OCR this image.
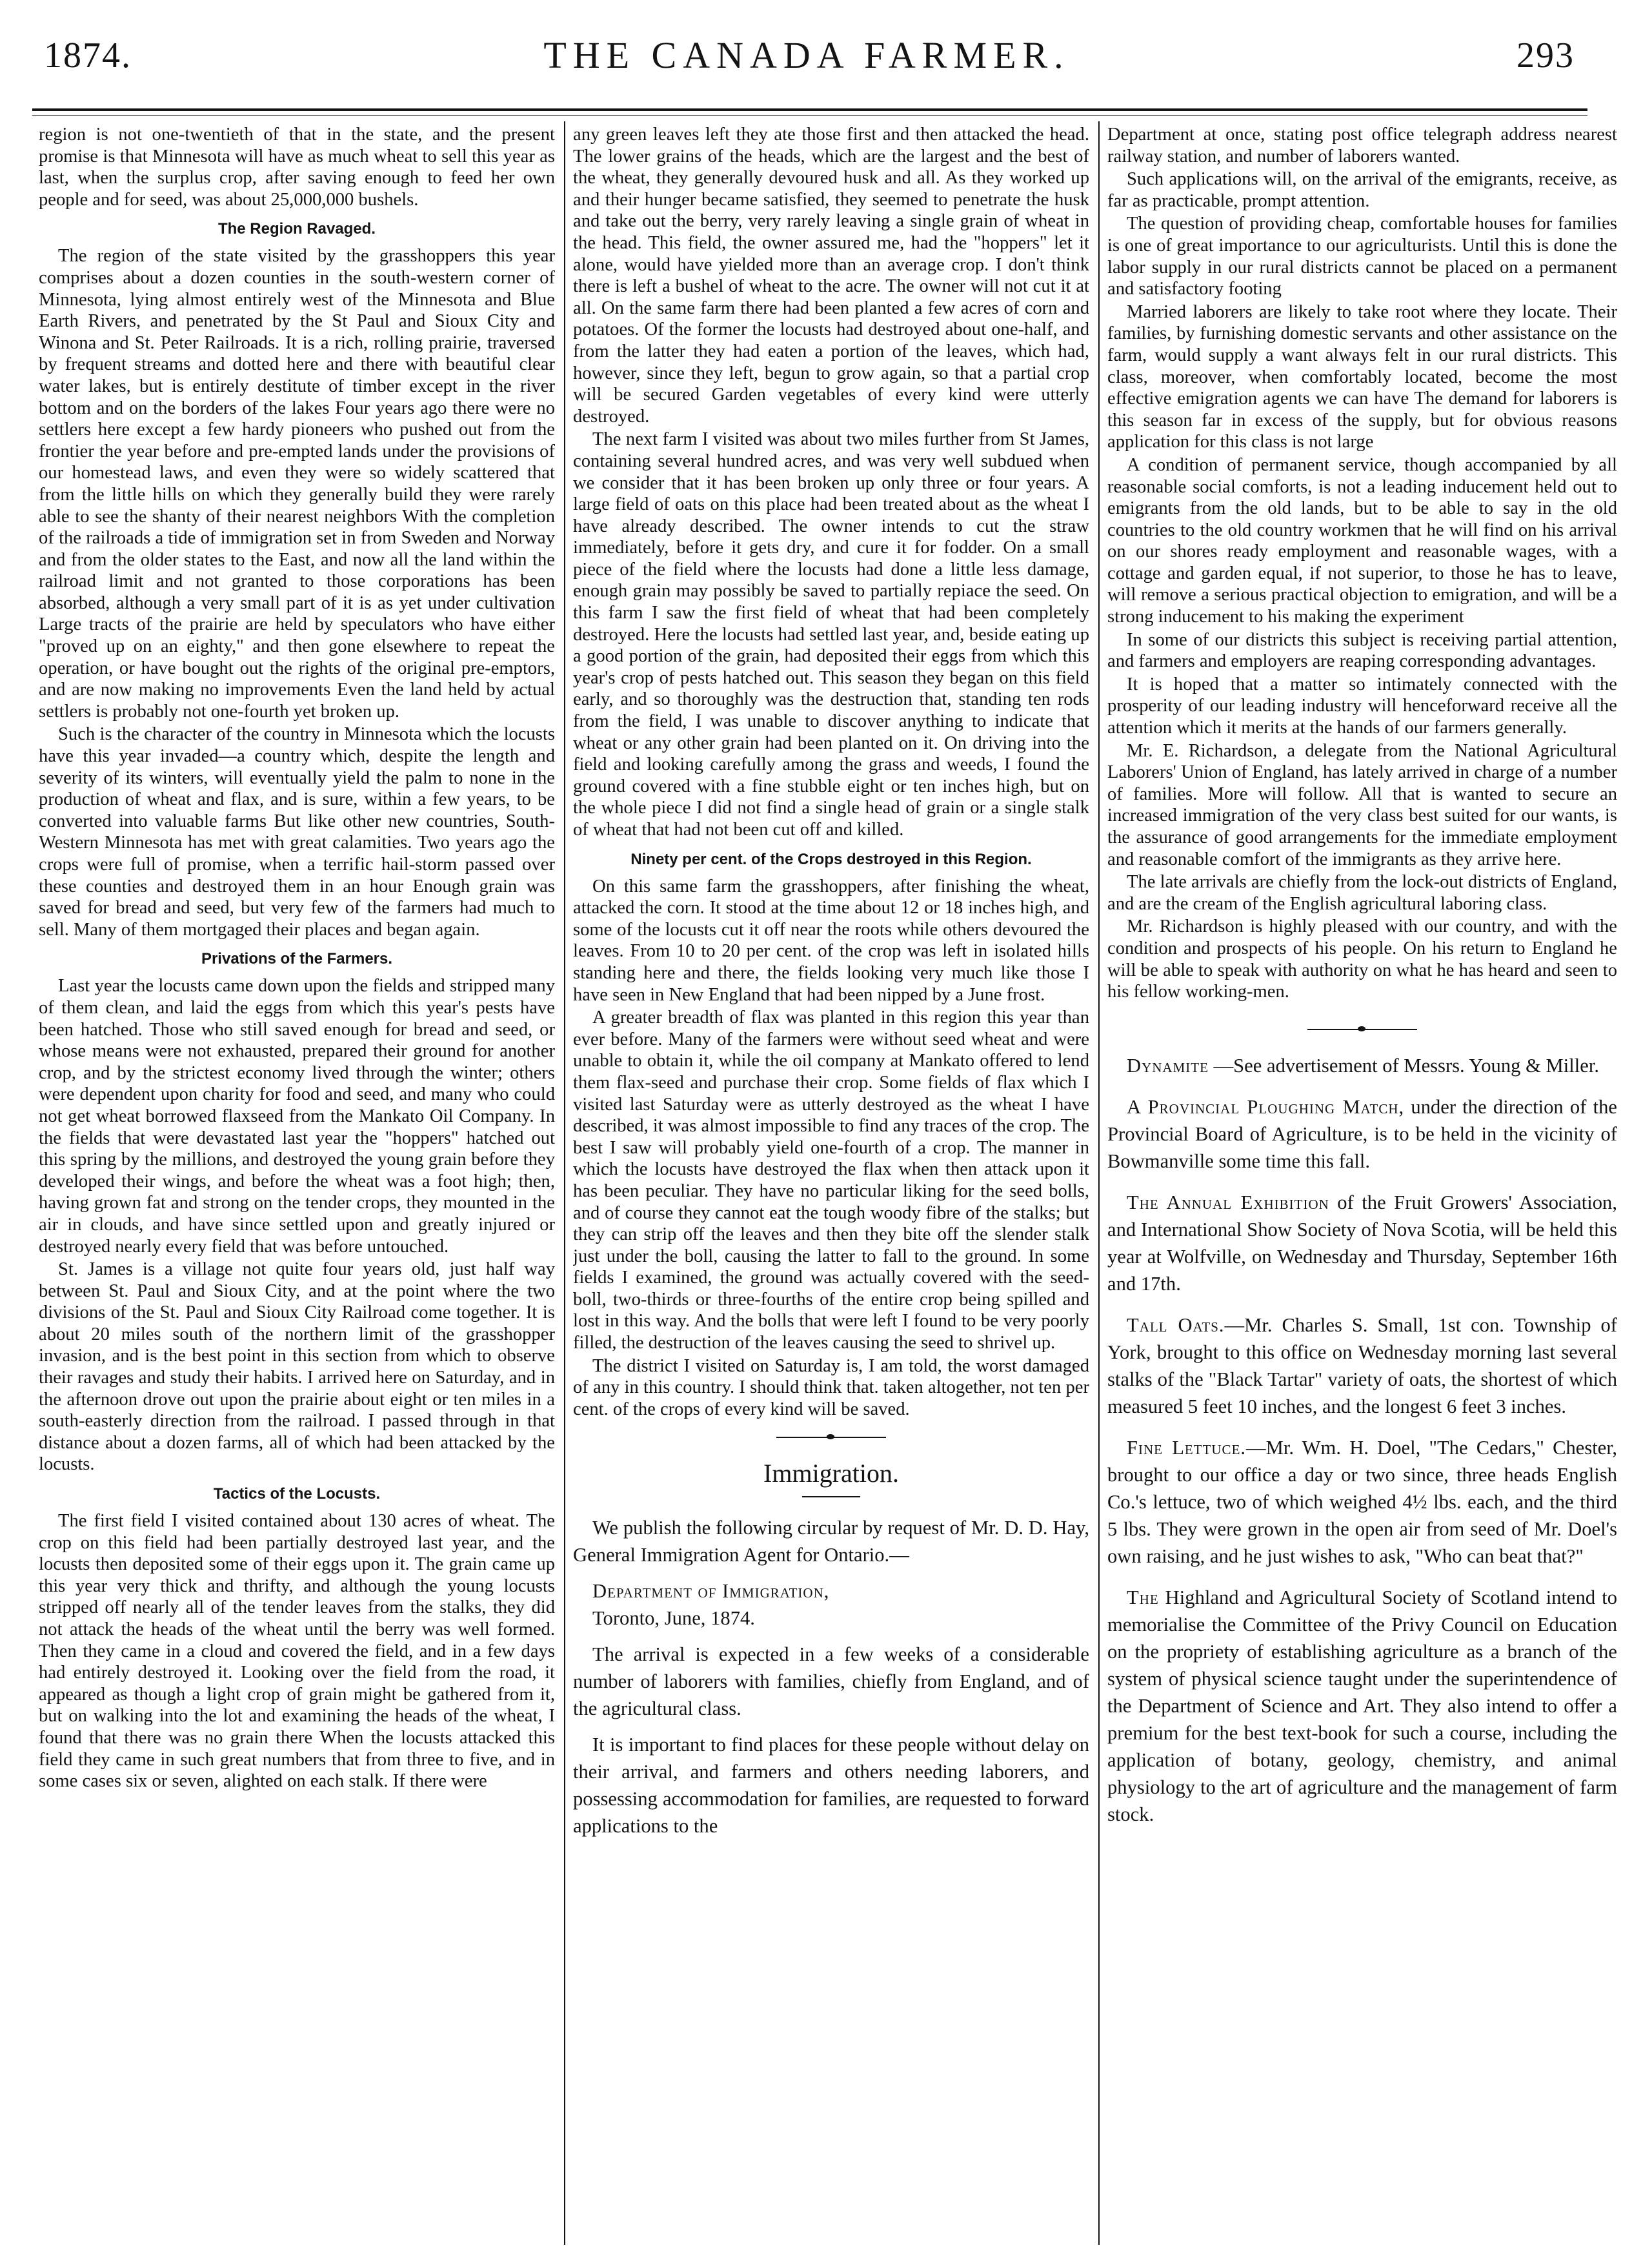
1874.	THE CANADA FARMER.	293

region is not one-twentieth of that in the state, and the present promise is that Minnesota will have as much wheat to sell this year as last, when the surplus crop, after saving enough to feed her own people and for seed, was about 25,000,000 bushels.

The Region Ravaged.

The region of the state visited by the grasshoppers this year comprises about a dozen counties in the south-western corner of Minnesota, lying almost entirely west of the Minnesota and Blue Earth Rivers, and penetrated by the St Paul and Sioux City and Winona and St. Peter Railroads. It is a rich, rolling prairie, traversed by frequent streams and dotted here and there with beautiful clear water lakes, but is entirely destitute of timber except in the river bottom and on the borders of the lakes Four years ago there were no settlers here except a few hardy pioneers who pushed out from the frontier the year before and pre-empted lands under the provisions of our homestead laws, and even they were so widely scattered that from the little hills on which they generally build they were rarely able to see the shanty of their nearest neighbors With the completion of the railroads a tide of immigration set in from Sweden and Norway and from the older states to the East, and now all the land within the railroad limit and not granted to those corporations has been absorbed, although a very small part of it is as yet under cultivation Large tracts of the prairie are held by speculators who have either "proved up on an eighty," and then gone elsewhere to repeat the operation, or have bought out the rights of the original pre-emptors, and are now making no improvements Even the land held by actual settlers is probably not one-fourth yet broken up.

Such is the character of the country in Minnesota which the locusts have this year invaded—a country which, despite the length and severity of its winters, will eventually yield the palm to none in the production of wheat and flax, and is sure, within a few years, to be converted into valuable farms But like other new countries, South-Western Minnesota has met with great calamities. Two years ago the crops were full of promise, when a terrific hail-storm passed over these counties and destroyed them in an hour Enough grain was saved for bread and seed, but very few of the farmers had much to sell. Many of them mortgaged their places and began again.

Privations of the Farmers.

Last year the locusts came down upon the fields and stripped many of them clean, and laid the eggs from which this year's pests have been hatched. Those who still saved enough for bread and seed, or whose means were not exhausted, prepared their ground for another crop, and by the strictest economy lived through the winter; others were dependent upon charity for food and seed, and many who could not get wheat borrowed flaxseed from the Mankato Oil Company. In the fields that were devastated last year the "hoppers" hatched out this spring by the millions, and destroyed the young grain before they developed their wings, and before the wheat was a foot high; then, having grown fat and strong on the tender crops, they mounted in the air in clouds, and have since settled upon and greatly injured or destroyed nearly every field that was before untouched.

St. James is a village not quite four years old, just half way between St. Paul and Sioux City, and at the point where the two divisions of the St. Paul and Sioux City Railroad come together. It is about 20 miles south of the northern limit of the grasshopper invasion, and is the best point in this section from which to observe their ravages and study their habits. I arrived here on Saturday, and in the afternoon drove out upon the prairie about eight or ten miles in a south-easterly direction from the railroad. I passed through in that distance about a dozen farms, all of which had been attacked by the locusts.

Tactics of the Locusts.

The first field I visited contained about 130 acres of wheat. The crop on this field had been partially destroyed last year, and the locusts then deposited some of their eggs upon it. The grain came up this year very thick and thrifty, and although the young locusts stripped off nearly all of the tender leaves from the stalks, they did not attack the heads of the wheat until the berry was well formed. Then they came in a cloud and covered the field, and in a few days had entirely destroyed it. Looking over the field from the road, it appeared as though a light crop of grain might be gathered from it, but on walking into the lot and examining the heads of the wheat, I found that there was no grain there When the locusts attacked this field they came in such great numbers that from three to five, and in some cases six or seven, alighted on each stalk. If there were

any green leaves left they ate those first and then attacked the head. The lower grains of the heads, which are the largest and the best of the wheat, they generally devoured husk and all. As they worked up and their hunger became satisfied, they seemed to penetrate the husk and take out the berry, very rarely leaving a single grain of wheat in the head. This field, the owner assured me, had the "hoppers" let it alone, would have yielded more than an average crop. I don't think there is left a bushel of wheat to the acre. The owner will not cut it at all. On the same farm there had been planted a few acres of corn and potatoes. Of the former the locusts had destroyed about one-half, and from the latter they had eaten a portion of the leaves, which had, however, since they left, begun to grow again, so that a partial crop will be secured Garden vegetables of every kind were utterly destroyed.

The next farm I visited was about two miles further from St James, containing several hundred acres, and was very well subdued when we consider that it has been broken up only three or four years. A large field of oats on this place had been treated about as the wheat I have already described. The owner intends to cut the straw immediately, before it gets dry, and cure it for fodder. On a small piece of the field where the locusts had done a little less damage, enough grain may possibly be saved to partially repiace the seed. On this farm I saw the first field of wheat that had been completely destroyed. Here the locusts had settled last year, and, beside eating up a good portion of the grain, had deposited their eggs from which this year's crop of pests hatched out. This season they began on this field early, and so thoroughly was the destruction that, standing ten rods from the field, I was unable to discover anything to indicate that wheat or any other grain had been planted on it. On driving into the field and looking carefully among the grass and weeds, I found the ground covered with a fine stubble eight or ten inches high, but on the whole piece I did not find a single head of grain or a single stalk of wheat that had not been cut off and killed.

Ninety per cent. of the Crops destroyed in this Region.

On this same farm the grasshoppers, after finishing the wheat, attacked the corn. It stood at the time about 12 or 18 inches high, and some of the locusts cut it off near the roots while others devoured the leaves. From 10 to 20 per cent. of the crop was left in isolated hills standing here and there, the fields looking very much like those I have seen in New England that had been nipped by a June frost.

A greater breadth of flax was planted in this region this year than ever before. Many of the farmers were without seed wheat and were unable to obtain it, while the oil company at Mankato offered to lend them flax-seed and purchase their crop. Some fields of flax which I visited last Saturday were as utterly destroyed as the wheat I have described, it was almost impossible to find any traces of the crop. The best I saw will probably yield one-fourth of a crop. The manner in which the locusts have destroyed the flax when then attack upon it has been peculiar. They have no particular liking for the seed bolls, and of course they cannot eat the tough woody fibre of the stalks; but they can strip off the leaves and then they bite off the slender stalk just under the boll, causing the latter to fall to the ground. In some fields I examined, the ground was actually covered with the seed-boll, two-thirds or three-fourths of the entire crop being spilled and lost in this way. And the bolls that were left I found to be very poorly filled, the destruction of the leaves causing the seed to shrivel up.

The district I visited on Saturday is, I am told, the worst damaged of any in this country. I should think that. taken altogether, not ten per cent. of the crops of every kind will be saved.

Immigration.

We publish the following circular by request of Mr. D. D. Hay, General Immigration Agent for Ontario.—

Department of Immigration,

Toronto, June, 1874.

The arrival is expected in a few weeks of a considerable number of laborers with families, chiefly from England, and of the agricultural class.

It is important to find places for these people without delay on their arrival, and farmers and others needing laborers, and possessing accommodation for families, are requested to forward applications to the

Department at once, stating post office telegraph address nearest railway station, and number of laborers wanted.

Such applications will, on the arrival of the emigrants, receive, as far as practicable, prompt attention.

The question of providing cheap, comfortable houses for families is one of great importance to our agriculturists. Until this is done the labor supply in our rural districts cannot be placed on a permanent and satisfactory footing

Married laborers are likely to take root where they locate. Their families, by furnishing domestic servants and other assistance on the farm, would supply a want always felt in our rural districts. This class, moreover, when comfortably located, become the most effective emigration agents we can have The demand for laborers is this season far in excess of the supply, but for obvious reasons application for this class is not large

A condition of permanent service, though accompanied by all reasonable social comforts, is not a leading inducement held out to emigrants from the old lands, but to be able to say in the old countries to the old country workmen that he will find on his arrival on our shores ready employment and reasonable wages, with a cottage and garden equal, if not superior, to those he has to leave, will remove a serious practical objection to emigration, and will be a strong inducement to his making the experiment

In some of our districts this subject is receiving partial attention, and farmers and employers are reaping corresponding advantages.

It is hoped that a matter so intimately connected with the prosperity of our leading industry will henceforward receive all the attention which it merits at the hands of our farmers generally.

Mr. E. Richardson, a delegate from the National Agricultural Laborers' Union of England, has lately arrived in charge of a number of families. More will follow. All that is wanted to secure an increased immigration of the very class best suited for our wants, is the assurance of good arrangements for the immediate employment and reasonable comfort of the immigrants as they arrive here.

The late arrivals are chiefly from the lock-out districts of England, and are the cream of the English agricultural laboring class.

Mr. Richardson is highly pleased with our country, and with the condition and prospects of his people. On his return to England he will be able to speak with authority on what he has heard and seen to his fellow working-men.

Dynamite —See advertisement of Messrs. Young & Miller.

A Provincial Ploughing Match, under the direction of the Provincial Board of Agriculture, is to be held in the vicinity of Bowmanville some time this fall.

The Annual Exhibition of the Fruit Growers' Association, and International Show Society of Nova Scotia, will be held this year at Wolfville, on Wednesday and Thursday, September 16th and 17th.

Tall Oats.—Mr. Charles S. Small, 1st con. Township of York, brought to this office on Wednesday morning last several stalks of the "Black Tartar" variety of oats, the shortest of which measured 5 feet 10 inches, and the longest 6 feet 3 inches.

Fine Lettuce.—Mr. Wm. H. Doel, "The Cedars," Chester, brought to our office a day or two since, three heads English Co.'s lettuce, two of which weighed 4½ lbs. each, and the third 5 lbs. They were grown in the open air from seed of Mr. Doel's own raising, and he just wishes to ask, "Who can beat that?"

The Highland and Agricultural Society of Scotland intend to memorialise the Committee of the Privy Council on Education on the propriety of establishing agriculture as a branch of the system of physical science taught under the superintendence of the Department of Science and Art. They also intend to offer a premium for the best text-book for such a course, including the application of botany, geology, chemistry, and animal physiology to the art of agriculture and the management of farm stock.
